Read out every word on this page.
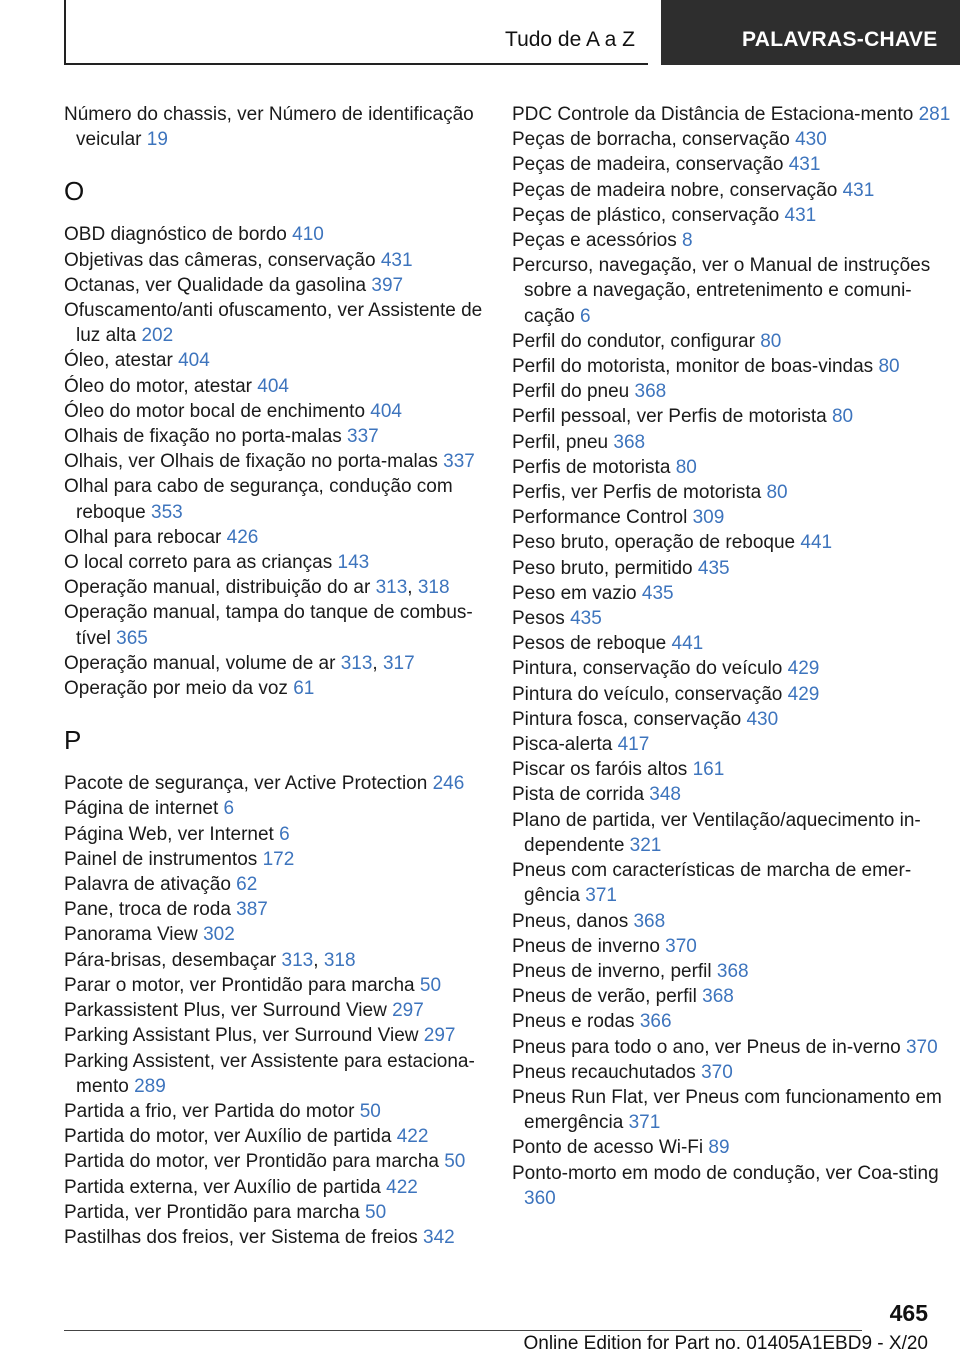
Tudo de A a Z	PALAVRAS-CHAVE

Número do chassis, ver Número de identificação veicular 19

O

OBD diagnóstico de bordo 410

Objetivas das câmeras, conservação 431

Octanas, ver Qualidade da gasolina 397

Ofuscamento/anti ofuscamento, ver Assistente de luz alta 202

Óleo, atestar 404

Óleo do motor, atestar 404

Óleo do motor bocal de enchimento 404

Olhais de fixação no porta-malas 337

Olhais, ver Olhais de fixação no porta-malas 337

Olhal para cabo de segurança, condução com reboque 353

Olhal para rebocar 426

O local correto para as crianças 143

Operação manual, distribuição do ar 313, 318

Operação manual, tampa do tanque de combus-tível 365

Operação manual, volume de ar 313, 317

Operação por meio da voz 61

P

Pacote de segurança, ver Active Protection 246

Página de internet 6

Página Web, ver Internet 6

Painel de instrumentos 172

Palavra de ativação 62

Pane, troca de roda 387

Panorama View 302

Pára-brisas, desembaçar 313, 318

Parar o motor, ver Prontidão para marcha 50

Parkassistent Plus, ver Surround View 297

Parking Assistant Plus, ver Surround View 297

Parking Assistent, ver Assistente para estaciona-mento 289

Partida a frio, ver Partida do motor 50

Partida do motor, ver Auxílio de partida 422

Partida do motor, ver Prontidão para marcha 50

Partida externa, ver Auxílio de partida 422

Partida, ver Prontidão para marcha 50

Pastilhas dos freios, ver Sistema de freios 342

PDC Controle da Distância de Estaciona-mento 281

Peças de borracha, conservação 430

Peças de madeira, conservação 431

Peças de madeira nobre, conservação 431

Peças de plástico, conservação 431

Peças e acessórios 8

Percurso, navegação, ver o Manual de instruções sobre a navegação, entretenimento e comuni-cação 6

Perfil do condutor, configurar 80

Perfil do motorista, monitor de boas-vindas 80

Perfil do pneu 368

Perfil pessoal, ver Perfis de motorista 80

Perfil, pneu 368

Perfis de motorista 80

Perfis, ver Perfis de motorista 80

Performance Control 309

Peso bruto, operação de reboque 441

Peso bruto, permitido 435

Peso em vazio 435

Pesos 435

Pesos de reboque 441

Pintura, conservação do veículo 429

Pintura do veículo, conservação 429

Pintura fosca, conservação 430

Pisca-alerta 417

Piscar os faróis altos 161

Pista de corrida 348

Plano de partida, ver Ventilação/aquecimento in-dependente 321

Pneus com características de marcha de emer-gência 371

Pneus, danos 368

Pneus de inverno 370

Pneus de inverno, perfil 368

Pneus de verão, perfil 368

Pneus e rodas 366

Pneus para todo o ano, ver Pneus de in-verno 370

Pneus recauchutados 370

Pneus Run Flat, ver Pneus com funcionamento em emergência 371

Ponto de acesso Wi-Fi 89

Ponto-morto em modo de condução, ver Coa-sting 360

465
Online Edition for Part no. 01405A1EBD9 - X/20
